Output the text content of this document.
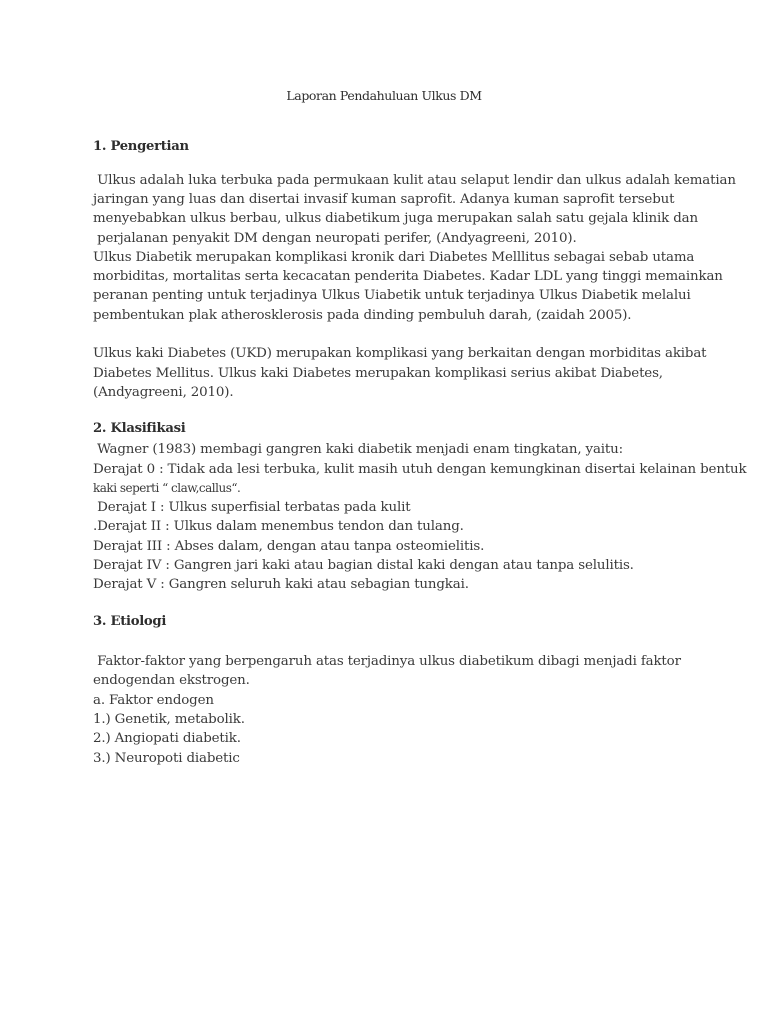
Laporan Pendahuluan Ulkus DM
1. Pengertian
Ulkus adalah luka terbuka pada permukaan kulit atau selaput lendir dan ulkus adalah kematian
jaringan yang luas dan disertai invasif kuman saprofit. Adanya kuman saprofit tersebut
menyebabkan ulkus berbau, ulkus diabetikum juga merupakan salah satu gejala klinik dan
perjalanan penyakit DM dengan neuropati perifer, (Andyagreeni, 2010).
Ulkus Diabetik merupakan komplikasi kronik dari Diabetes Melllitus sebagai sebab utama
morbiditas, mortalitas serta kecacatan penderita Diabetes. Kadar LDL yang tinggi memainkan
peranan penting untuk terjadinya Ulkus Uiabetik untuk terjadinya Ulkus Diabetik melalui
pembentukan plak atherosklerosis pada dinding pembuluh darah, (zaidah 2005).
Ulkus kaki Diabetes (UKD) merupakan komplikasi yang berkaitan dengan morbiditas akibat
Diabetes Mellitus. Ulkus kaki Diabetes merupakan komplikasi serius akibat Diabetes,
(Andyagreeni, 2010).
2. Klasifikasi
Wagner (1983) membagi gangren kaki diabetik menjadi enam tingkatan, yaitu:
Derajat 0 : Tidak ada lesi terbuka, kulit masih utuh dengan kemungkinan disertai kelainan bentuk
kaki seperti “ claw,callus“.
Derajat I : Ulkus superfisial terbatas pada kulit
.Derajat II : Ulkus dalam menembus tendon dan tulang.
Derajat III : Abses dalam, dengan atau tanpa osteomielitis.
Derajat IV : Gangren jari kaki atau bagian distal kaki dengan atau tanpa selulitis.
Derajat V : Gangren seluruh kaki atau sebagian tungkai.
3. Etiologi
Faktor-faktor yang berpengaruh atas terjadinya ulkus diabetikum dibagi menjadi faktor
endogendan ekstrogen.
a. Faktor endogen
1.) Genetik, metabolik.
2.) Angiopati diabetik.
3.) Neuropoti diabetic
